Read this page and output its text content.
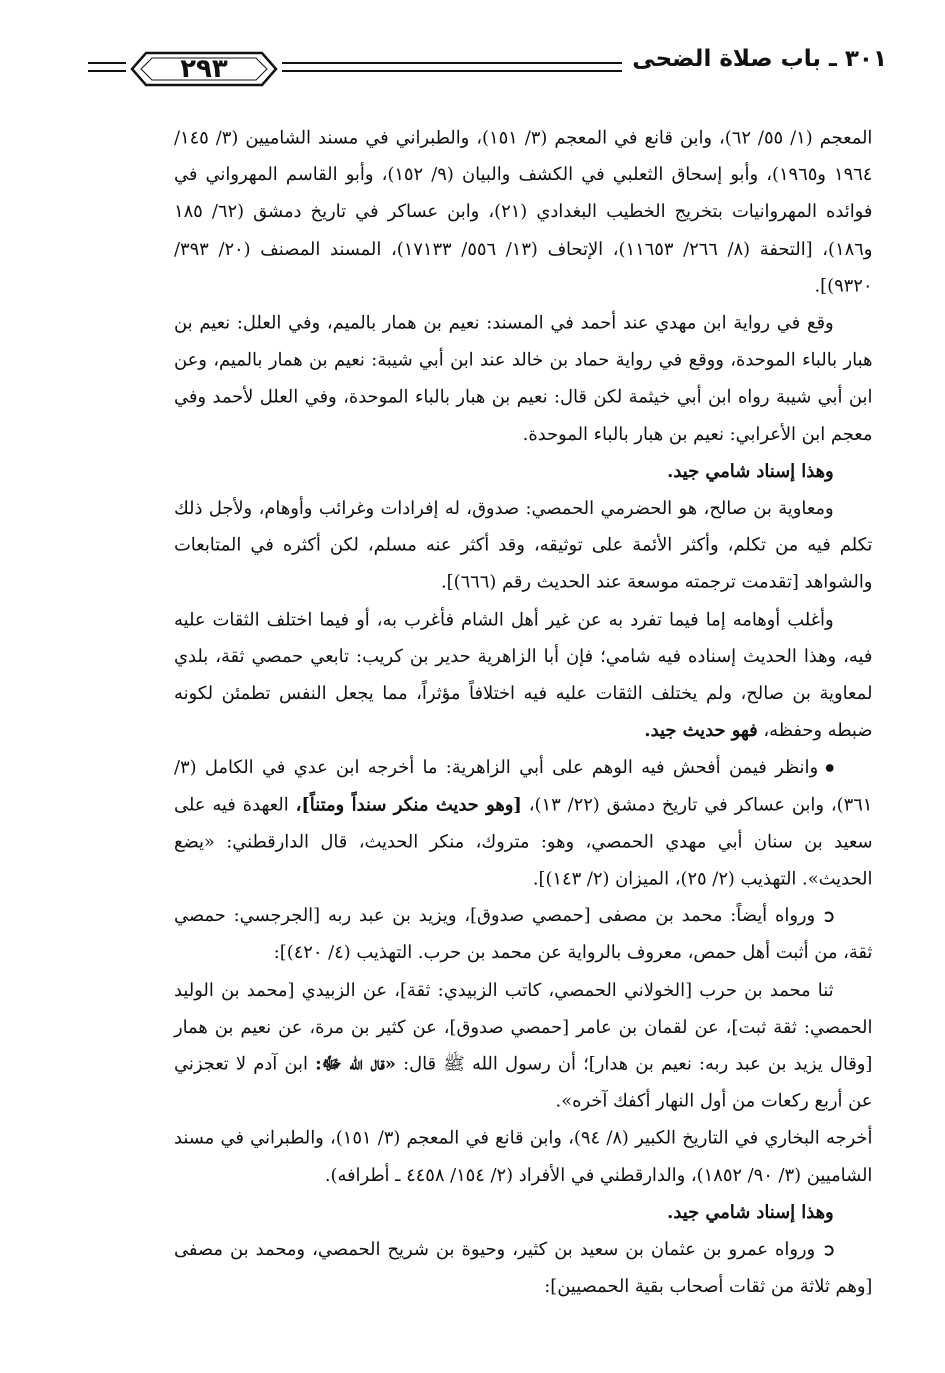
٢٩٣	٣٠١ ـ باب صلاة الضحى

المعجم (١/ ٥٥/ ٦٢)، وابن قانع في المعجم (٣/ ١٥١)، والطبراني في مسند الشاميين (٣/ ١٤٥/ ١٩٦٤ و١٩٦٥)، وأبو إسحاق الثعلبي في الكشف والبيان (٩/ ١٥٢)، وأبو القاسم المهرواني في فوائده المهروانيات بتخريج الخطيب البغدادي (٢١)، وابن عساكر في تاريخ دمشق (٦٢/ ١٨٥ و١٨٦)، [التحفة (٨/ ٢٦٦/ ١١٦٥٣)، الإتحاف (١٣/ ٥٥٦/ ١٧١٣٣)، المسند المصنف (٢٠/ ٣٩٣/ ٩٣٢٠)].

وقع في رواية ابن مهدي عند أحمد في المسند: نعيم بن همار بالميم، وفي العلل: نعيم بن هبار بالباء الموحدة، ووقع في رواية حماد بن خالد عند ابن أبي شيبة: نعيم بن همار بالميم، وعن ابن أبي شيبة رواه ابن أبي خيثمة لكن قال: نعيم بن هبار بالباء الموحدة، وفي العلل لأحمد وفي معجم ابن الأعرابي: نعيم بن هبار بالباء الموحدة.

وهذا إسناد شامي جيد.

ومعاوية بن صالح، هو الحضرمي الحمصي: صدوق، له إفرادات وغرائب وأوهام، ولأجل ذلك تكلم فيه من تكلم، وأكثر الأئمة على توثيقه، وقد أكثر عنه مسلم، لكن أكثره في المتابعات والشواهد [تقدمت ترجمته موسعة عند الحديث رقم (٦٦٦)].

وأغلب أوهامه إما فيما تفرد به عن غير أهل الشام فأغرب به، أو فيما اختلف الثقات عليه فيه، وهذا الحديث إسناده فيه شامي؛ فإن أبا الزاهرية حدير بن كريب: تابعي حمصي ثقة، بلدي لمعاوية بن صالح، ولم يختلف الثقات عليه فيه اختلافاً مؤثراً، مما يجعل النفس تطمئن لكونه ضبطه وحفظه، فهو حديث جيد.

وانظر فيمن أفحش فيه الوهم على أبي الزاهرية: ما أخرجه ابن عدي في الكامل (٣/ ٣٦١)، وابن عساكر في تاريخ دمشق (٢٢/ ١٣)، [وهو حديث منكر سنداً ومتناً]، العهدة فيه على سعيد بن سنان أبي مهدي الحمصي، وهو: متروك، منكر الحديث، قال الدارقطني: «يضع الحديث». التهذيب (٢/ ٢٥)، الميزان (٢/ ١٤٣)].

ورواه أيضاً: محمد بن مصفى [حمصي صدوق]، ويزيد بن عبد ربه [الجرجسي: حمصي ثقة، من أثبت أهل حمص، معروف بالرواية عن محمد بن حرب. التهذيب (٤/ ٤٢٠)]:

ثنا محمد بن حرب [الخولاني الحمصي، كاتب الزبيدي: ثقة]، عن الزبيدي [محمد بن الوليد الحمصي: ثقة ثبت]، عن لقمان بن عامر [حمصي صدوق]، عن كثير بن مرة، عن نعيم بن همار [وقال يزيد بن عبد ربه: نعيم بن هدار]؛ أن رسول الله ﷺ قال: «قال الله ﷻ: ابن آدم لا تعجزني عن أربع ركعات من أول النهار أكفك آخره».

أخرجه البخاري في التاريخ الكبير (٨/ ٩٤)، وابن قانع في المعجم (٣/ ١٥١)، والطبراني في مسند الشاميين (٣/ ٩٠/ ١٨٥٢)، والدارقطني في الأفراد (٢/ ١٥٤/ ٤٤٥٨ ـ أطرافه).

وهذا إسناد شامي جيد.

ورواه عمرو بن عثمان بن سعيد بن كثير، وحيوة بن شريح الحمصي، ومحمد بن مصفى [وهم ثلاثة من ثقات أصحاب بقية الحمصيين]:
